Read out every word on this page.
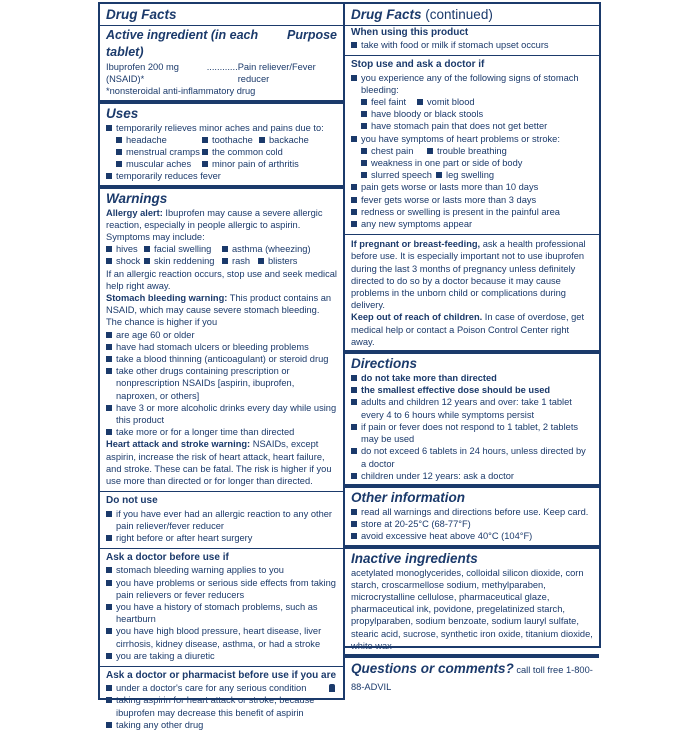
Drug Facts
Active ingredient (in each tablet)
Purpose
Ibuprofen 200 mg (NSAID)*
............ Pain reliever/Fever reducer
*nonsteroidal anti-inflammatory drug
Uses
temporarily relieves minor aches and pains due to:
headache	toothache	backache
menstrual cramps	the common cold
muscular aches	minor pain of arthritis
temporarily reduces fever
Warnings
Allergy alert: Ibuprofen may cause a severe allergic reaction, especially in people allergic to aspirin. Symptoms may include:
hives	facial swelling	asthma (wheezing)
shock	skin reddening	rash	blisters
If an allergic reaction occurs, stop use and seek medical help right away.
Stomach bleeding warning: This product contains an NSAID, which may cause severe stomach bleeding. The chance is higher if you
are age 60 or older
have had stomach ulcers or bleeding problems
take a blood thinning (anticoagulant) or steroid drug
take other drugs containing prescription or nonprescription NSAIDs [aspirin, ibuprofen, naproxen, or others]
have 3 or more alcoholic drinks every day while using this product
take more or for a longer time than directed
Heart attack and stroke warning: NSAIDs, except aspirin, increase the risk of heart attack, heart failure, and stroke. These can be fatal. The risk is higher if you use more than directed or for longer than directed.
Do not use
if you have ever had an allergic reaction to any other pain reliever/fever reducer
right before or after heart surgery
Ask a doctor before use if
stomach bleeding warning applies to you
you have problems or serious side effects from taking pain relievers or fever reducers
you have a history of stomach problems, such as heartburn
you have high blood pressure, heart disease, liver cirrhosis, kidney disease, asthma, or had a stroke
you are taking a diuretic
Ask a doctor or pharmacist before use if you are
under a doctor's care for any serious condition
taking aspirin for heart attack or stroke, because ibuprofen may decrease this benefit of aspirin
taking any other drug
Drug Facts (continued)
When using this product
take with food or milk if stomach upset occurs
Stop use and ask a doctor if
you experience any of the following signs of stomach bleeding:
feel faint	vomit blood
have bloody or black stools
have stomach pain that does not get better
you have symptoms of heart problems or stroke:
chest pain	trouble breathing
weakness in one part or side of body
slurred speech	leg swelling
pain gets worse or lasts more than 10 days
fever gets worse or lasts more than 3 days
redness or swelling is present in the painful area
any new symptoms appear
If pregnant or breast-feeding, ask a health professional before use. It is especially important not to use ibuprofen during the last 3 months of pregnancy unless definitely directed to do so by a doctor because it may cause problems in the unborn child or complications during delivery.
Keep out of reach of children. In case of overdose, get medical help or contact a Poison Control Center right away.
Directions
do not take more than directed
the smallest effective dose should be used
adults and children 12 years and over: take 1 tablet every 4 to 6 hours while symptoms persist
if pain or fever does not respond to 1 tablet, 2 tablets may be used
do not exceed 6 tablets in 24 hours, unless directed by a doctor
children under 12 years: ask a doctor
Other information
read all warnings and directions before use. Keep card.
store at 20-25°C (68-77°F)
avoid excessive heat above 40°C (104°F)
Inactive ingredients
acetylated monoglycerides, colloidal silicon dioxide, corn starch, croscarmellose sodium, methylparaben, microcrystalline cellulose, pharmaceutical glaze, pharmaceutical ink, povidone, pregelatinized starch, propylparaben, sodium benzoate, sodium lauryl sulfate, stearic acid, sucrose, synthetic iron oxide, titanium dioxide, white wax
Questions or comments? call toll free 1-800-88-ADVIL
